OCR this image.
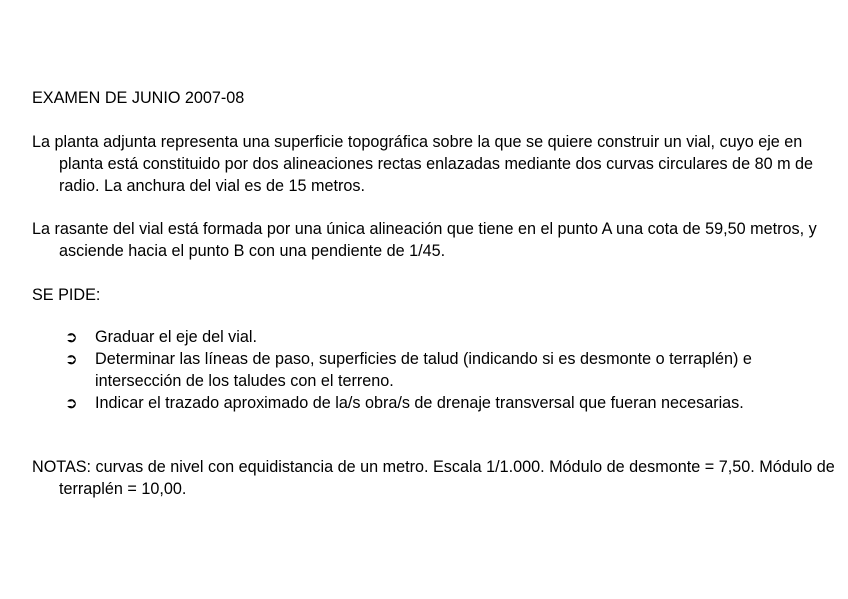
EXAMEN DE JUNIO 2007-08
La planta adjunta representa una superficie topográfica sobre la que se quiere construir un vial, cuyo eje en planta está constituido por dos alineaciones rectas enlazadas mediante dos curvas circulares de 80 m de radio. La anchura del vial es de 15 metros.
La rasante del vial está formada por una única alineación que tiene en el punto A una cota de 59,50 metros, y asciende hacia el punto B con una pendiente de 1/45.
SE PIDE:
➲	Graduar el eje del vial.
➲	Determinar las líneas de paso, superficies de talud (indicando si es desmonte o terraplén) e intersección de los taludes con el terreno.
➲	Indicar el trazado aproximado de la/s obra/s de drenaje transversal que fueran necesarias.
NOTAS: curvas de nivel con equidistancia de un metro. Escala 1/1.000. Módulo de desmonte = 7,50. Módulo de terraplén = 10,00.
